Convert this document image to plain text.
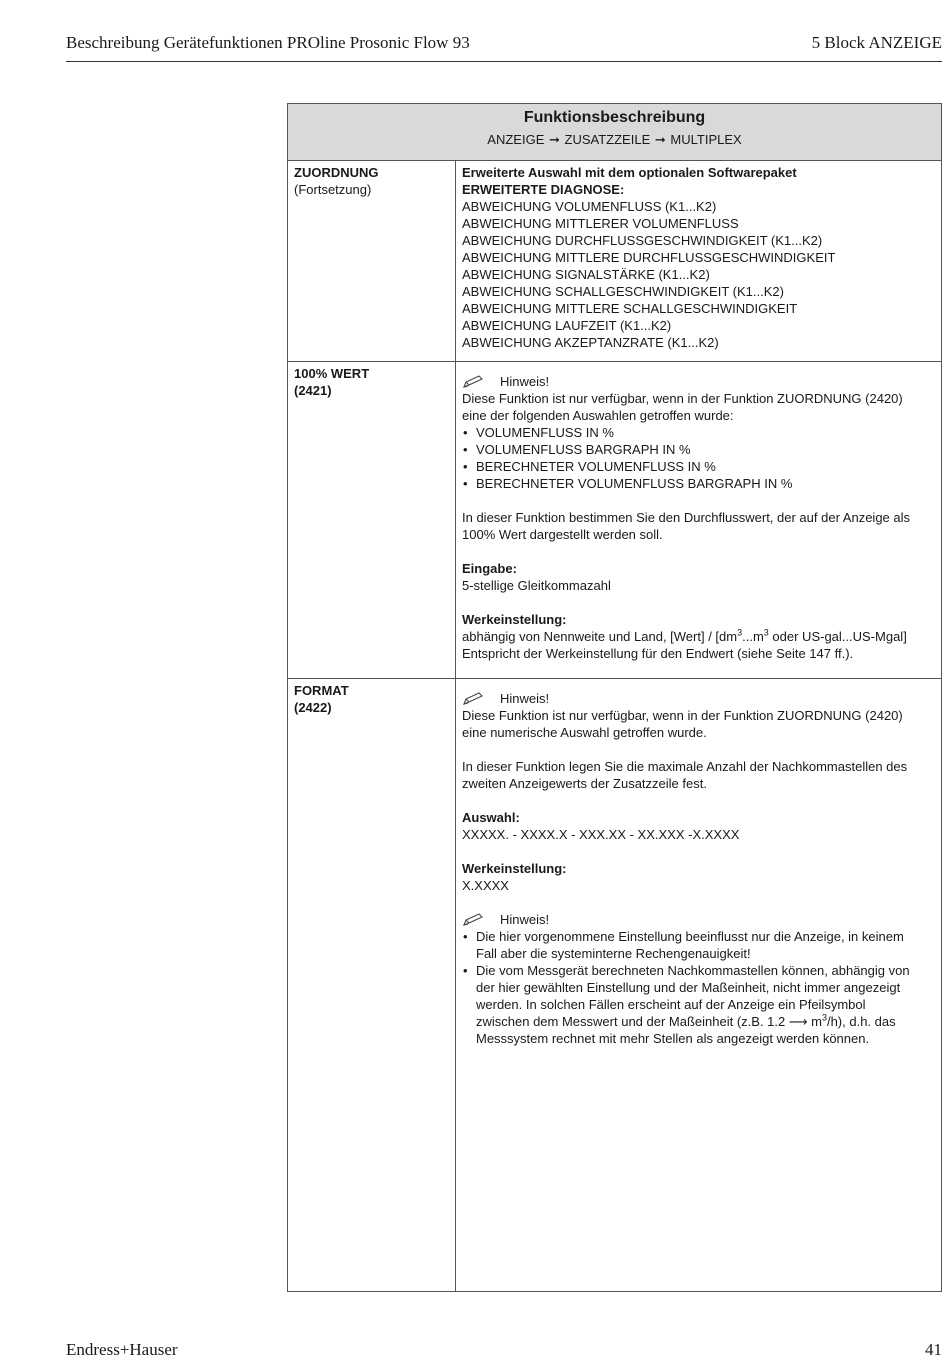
Beschreibung Gerätefunktionen PROline Prosonic Flow 93	5 Block ANZEIGE
Funktionsbeschreibung
ANZEIGE ➞ ZUSATZZEILE ➞ MULTIPLEX
ZUORDNUNG
(Fortsetzung)
Erweiterte Auswahl mit dem optionalen Softwarepaket
ERWEITERTE DIAGNOSE:
ABWEICHUNG VOLUMENFLUSS (K1...K2)
ABWEICHUNG MITTLERER VOLUMENFLUSS
ABWEICHUNG DURCHFLUSSGESCHWINDIGKEIT (K1...K2)
ABWEICHUNG MITTLERE DURCHFLUSSGESCHWINDIGKEIT
ABWEICHUNG SIGNALSTÄRKE (K1...K2)
ABWEICHUNG SCHALLGESCHWINDIGKEIT (K1...K2)
ABWEICHUNG MITTLERE SCHALLGESCHWINDIGKEIT
ABWEICHUNG LAUFZEIT (K1...K2)
ABWEICHUNG AKZEPTANZRATE (K1...K2)
100% WERT
(2421)
Hinweis!
Diese Funktion ist nur verfügbar, wenn in der Funktion ZUORDNUNG (2420)
eine der folgenden Auswahlen getroffen wurde:
• VOLUMENFLUSS IN %
• VOLUMENFLUSS BARGRAPH IN %
• BERECHNETER VOLUMENFLUSS IN %
• BERECHNETER VOLUMENFLUSS BARGRAPH IN %
In dieser Funktion bestimmen Sie den Durchflusswert, der auf der Anzeige als
100% Wert dargestellt werden soll.
Eingabe:
5-stellige Gleitkommazahl
Werkeinstellung:
abhängig von Nennweite und Land, [Wert] / [$dm^3...m^3$ oder US-gal...US-Mgal]
Entspricht der Werkeinstellung für den Endwert (siehe Seite 147 ff.).
FORMAT
(2422)
Hinweis!
Diese Funktion ist nur verfügbar, wenn in der Funktion ZUORDNUNG (2420)
eine numerische Auswahl getroffen wurde.
In dieser Funktion legen Sie die maximale Anzahl der Nachkommastellen des
zweiten Anzeigewerts der Zusatzzeile fest.
Auswahl:
XXXXX. - XXXX.X - XXX.XX - XX.XXX -X.XXXX
Werkeinstellung:
X.XXXX
Hinweis!
• Die hier vorgenommene Einstellung beeinflusst nur die Anzeige, in keinem
Fall aber die systeminterne Rechengenauigkeit!
• Die vom Messgerät berechneten Nachkommastellen können, abhängig von
der hier gewählten Einstellung und der Maßeinheit, nicht immer angezeigt
werden. In solchen Fällen erscheint auf der Anzeige ein Pfeilsymbol
zwischen dem Messwert und der Maßeinheit (z.B. 1.2 ⟶ $m^3/h$), d.h. das
Messsystem rechnet mit mehr Stellen als angezeigt werden können.
Endress+Hauser	41
